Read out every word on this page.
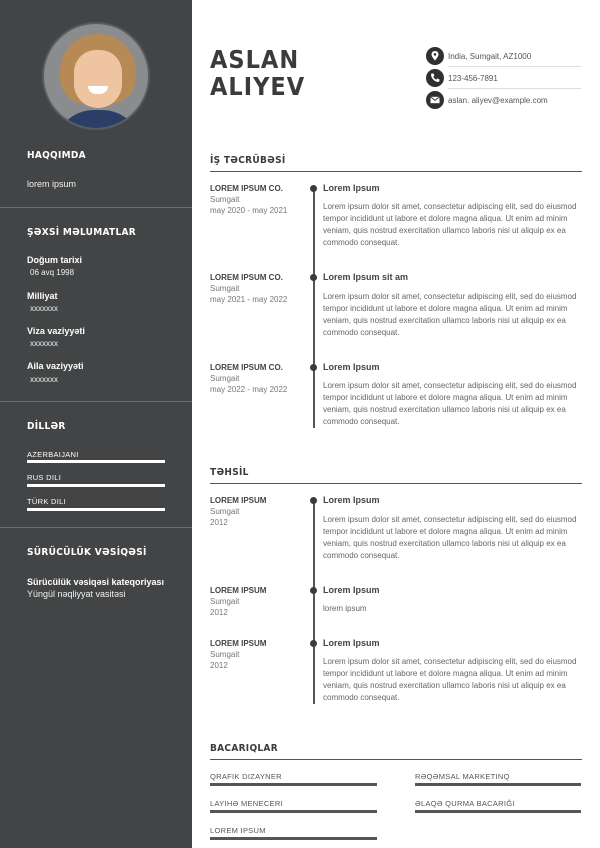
HAQQIMDA
lorem ipsum
ŞƏXSİ MƏLUMATLAR
Doğum tarixi
06 avq 1998
Milliyat
xxxxxxx
Viza vaziyyəti
xxxxxxx
Aila vaziyyəti
xxxxxxx
DİLLƏR
AZERBAIJANI
RUS DILI
TÜRK DILI
SÜRÜCÜLÜK VƏSİQƏSİ
Sürücülük vəsiqəsi kateqoriyası
Yüngül nəqliyyat vasitəsi
ASLAN
ALIYEV
India, Sumgait, AZ1000
123-456-7891
aslan. aliyev@example.com
İŞ TƏCRÜBƏSİ
LOREM IPSUM CO.
Sumgait
may 2020 - may 2021
Lorem Ipsum
Lorem ipsum dolor sit amet, consectetur adipiscing elit, sed do eiusmod tempor incididunt ut labore et dolore magna aliqua. Ut enim ad minim veniam, quis nostrud exercitation ullamco laboris nisi ut aliquip ex ea commodo consequat.
LOREM IPSUM CO.
Sumgait
may 2021 - may 2022
Lorem Ipsum sit am
Lorem ipsum dolor sit amet, consectetur adipiscing elit, sed do eiusmod tempor incididunt ut labore et dolore magna aliqua. Ut enim ad minim veniam, quis nostrud exercitation ullamco laboris nisi ut aliquip ex ea commodo consequat.
LOREM IPSUM CO.
Sumgait
may 2022 - may 2022
Lorem Ipsum
Lorem ipsum dolor sit amet, consectetur adipiscing elit, sed do eiusmod tempor incididunt ut labore et dolore magna aliqua. Ut enim ad minim veniam, quis nostrud exercitation ullamco laboris nisi ut aliquip ex ea commodo consequat.
TƏHSİL
LOREM IPSUM
Sumgait
2012
Lorem Ipsum
Lorem ipsum dolor sit amet, consectetur adipiscing elit, sed do eiusmod tempor incididunt ut labore et dolore magna aliqua. Ut enim ad minim veniam, quis nostrud exercitation ullamco laboris nisi ut aliquip ex ea commodo consequat.
LOREM IPSUM
Sumgait
2012
Lorem Ipsum
lorem ipsum
LOREM IPSUM
Sumgait
2012
Lorem Ipsum
Lorem ipsum dolor sit amet, consectetur adipiscing elit, sed do eiusmod tempor incididunt ut labore et dolore magna aliqua. Ut enim ad minim veniam, quis nostrud exercitation ullamco laboris nisi ut aliquip ex ea commodo consequat.
BACARIQLAR
QRAFIK DIZAYNER	RƏQƏMSAL MARKETINQ
LAYIHƏ MENECERI	ƏLAQƏ QURMA BACARIĞI
LOREM IPSUM
